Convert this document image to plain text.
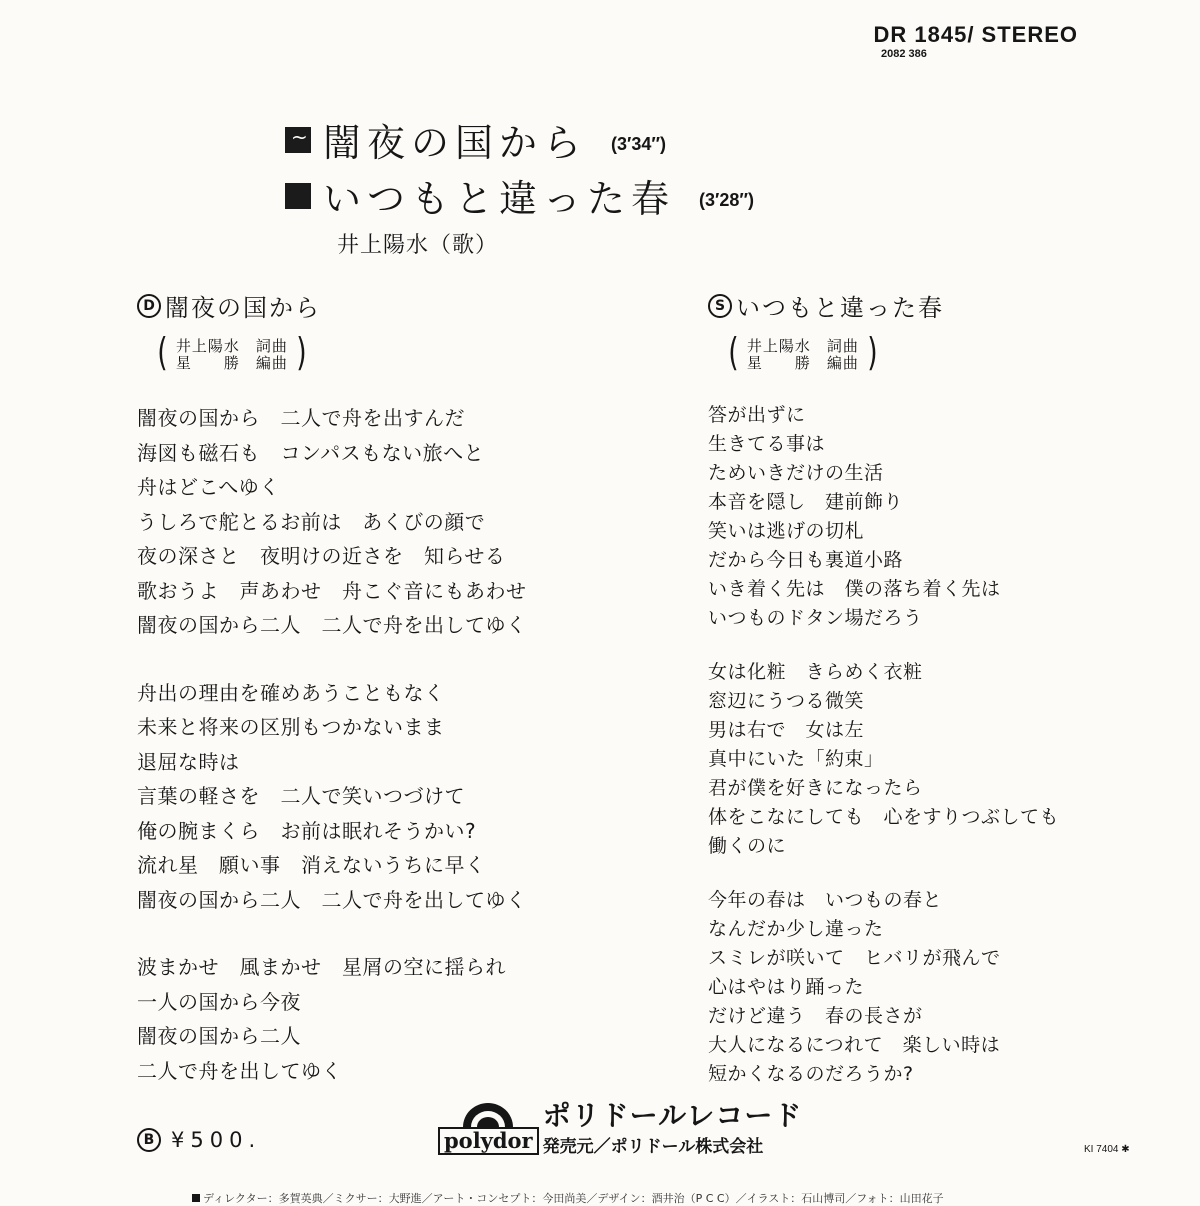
DR 1845/ STEREO
2082 386
~
闇夜の国から (3′34″)
いつもと違った春 (3′28″)
井上陽水（歌）
D 闇夜の国から
( 井上陽水　詞曲
星　　勝　編曲 )
闇夜の国から　二人で舟を出すんだ
海図も磁石も　コンパスもない旅へと
舟はどこへゆく
うしろで舵とるお前は　あくびの顔で
夜の深さと　夜明けの近さを　知らせる
歌おうよ　声あわせ　舟こぐ音にもあわせ
闇夜の国から二人　二人で舟を出してゆく
舟出の理由を確めあうこともなく
未来と将来の区別もつかないまま
退屈な時は
言葉の軽さを　二人で笑いつづけて
俺の腕まくら　お前は眠れそうかい?
流れ星　願い事　消えないうちに早く
闇夜の国から二人　二人で舟を出してゆく
波まかせ　風まかせ　星屑の空に揺られ
一人の国から今夜
闇夜の国から二人
二人で舟を出してゆく
S いつもと違った春
( 井上陽水　詞曲
星　　勝　編曲 )
答が出ずに
生きてる事は
ためいきだけの生活
本音を隠し　建前飾り
笑いは逃げの切札
だから今日も裏道小路
いき着く先は　僕の落ち着く先は
いつものドタン場だろう
女は化粧　きらめく衣粧
窓辺にうつる微笑
男は右で　女は左
真中にいた「約束」
君が僕を好きになったら
体をこなにしても　心をすりつぶしても
働くのに
今年の春は　いつもの春と
なんだか少し違った
スミレが咲いて　ヒバリが飛んで
心はやはり踊った
だけど違う　春の長さが
大人になるにつれて　楽しい時は
短かくなるのだろうか?
B ¥500.	polydor
ポリドールレコード
発売元／ポリドール株式会社	KI 7404 ✱
ディレクター：多賀英典／ミクサー：大野進／アート・コンセプト：今田尚美／デザイン：酒井治（P C C）／イラスト：石山博司／フォト：山田花子
